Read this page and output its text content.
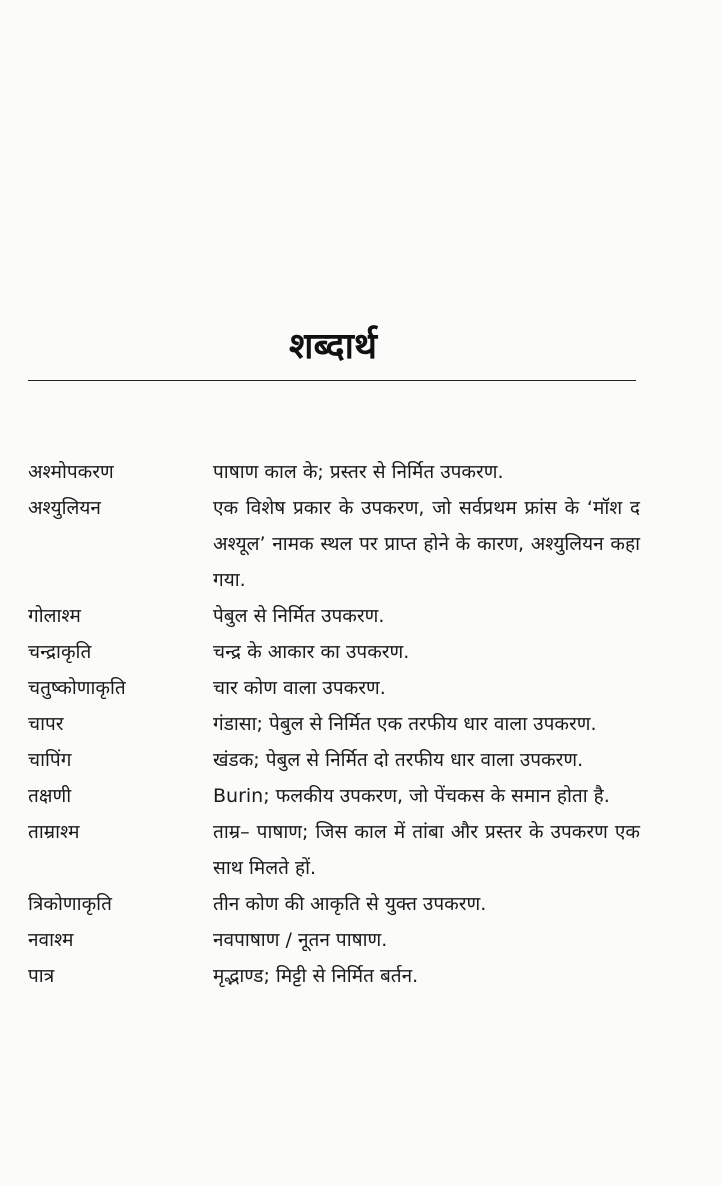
शब्दार्थ
अश्मोपकरण	पाषाण काल के; प्रस्तर से निर्मित उपकरण.
अश्युलियन	एक विशेष प्रकार के उपकरण, जो सर्वप्रथम फ्रांस के ‘मॉश द अश्यूल’ नामक स्थल पर प्राप्त होने के कारण, अश्युलियन कहा गया.
गोलाश्म	पेबुल से निर्मित उपकरण.
चन्द्राकृति	चन्द्र के आकार का उपकरण.
चतुष्कोणाकृति	चार कोण वाला उपकरण.
चापर	गंडासा; पेबुल से निर्मित एक तरफीय धार वाला उपकरण.
चापिंग	खंडक; पेबुल से निर्मित दो तरफीय धार वाला उपकरण.
तक्षणी	Burin; फलकीय उपकरण, जो पेंचकस के समान होता है.
ताम्राश्म	ताम्र– पाषाण; जिस काल में तांबा और प्रस्तर के उपकरण एक साथ मिलते हों.
त्रिकोणाकृति	तीन कोण की आकृति से युक्त उपकरण.
नवाश्म	नवपाषाण / नूतन पाषाण.
पात्र	मृद्भाण्ड; मिट्टी से निर्मित बर्तन.
